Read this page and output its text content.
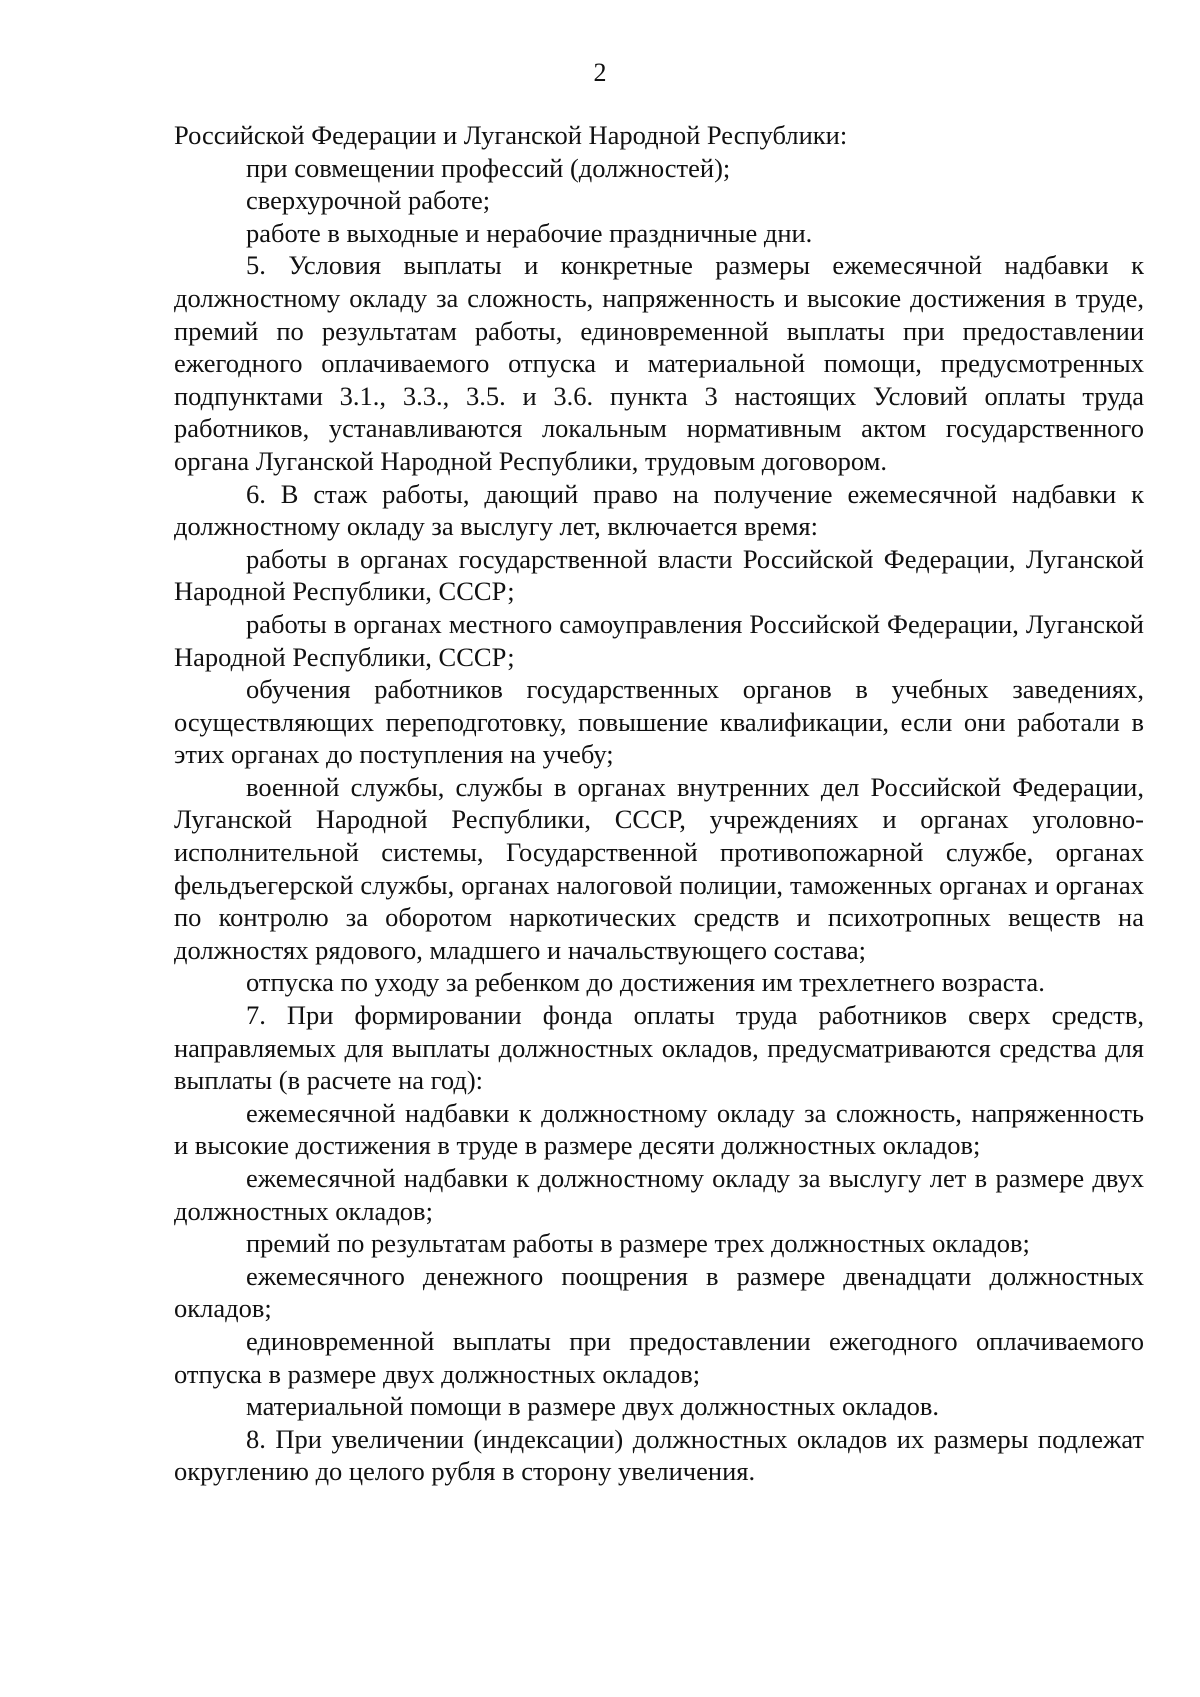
2

Российской Федерации и Луганской Народной Республики:

при совмещении профессий (должностей);

сверхурочной работе;

работе в выходные и нерабочие праздничные дни.

5. Условия выплаты и конкретные размеры ежемесячной надбавки к должностному окладу за сложность, напряженность и высокие достижения в труде, премий по результатам работы, единовременной выплаты при предоставлении ежегодного оплачиваемого отпуска и материальной помощи, предусмотренных подпунктами 3.1., 3.3., 3.5. и 3.6. пункта 3 настоящих Условий оплаты труда работников, устанавливаются локальным нормативным актом государственного органа Луганской Народной Республики, трудовым договором.

6. В стаж работы, дающий право на получение ежемесячной надбавки к должностному окладу за выслугу лет, включается время:

работы в органах государственной власти Российской Федерации, Луганской Народной Республики, СССР;

работы в органах местного самоуправления Российской Федерации, Луганской Народной Республики, СССР;

обучения работников государственных органов в учебных заведениях, осуществляющих переподготовку, повышение квалификации, если они работали в этих органах до поступления на учебу;

военной службы, службы в органах внутренних дел Российской Федерации, Луганской Народной Республики, СССР, учреждениях и органах уголовно-исполнительной системы, Государственной противопожарной службе, органах фельдъегерской службы, органах налоговой полиции, таможенных органах и органах по контролю за оборотом наркотических средств и психотропных веществ на должностях рядового, младшего и начальствующего состава;

отпуска по уходу за ребенком до достижения им трехлетнего возраста.

7. При формировании фонда оплаты труда работников сверх средств, направляемых для выплаты должностных окладов, предусматриваются средства для выплаты (в расчете на год):

ежемесячной надбавки к должностному окладу за сложность, напряженность и высокие достижения в труде в размере десяти должностных окладов;

ежемесячной надбавки к должностному окладу за выслугу лет в размере двух должностных окладов;

премий по результатам работы в размере трех должностных окладов;

ежемесячного денежного поощрения в размере двенадцати должностных окладов;

единовременной выплаты при предоставлении ежегодного оплачиваемого отпуска в размере двух должностных окладов;

материальной помощи в размере двух должностных окладов.

8. При увеличении (индексации) должностных окладов их размеры подлежат округлению до целого рубля в сторону увеличения.
